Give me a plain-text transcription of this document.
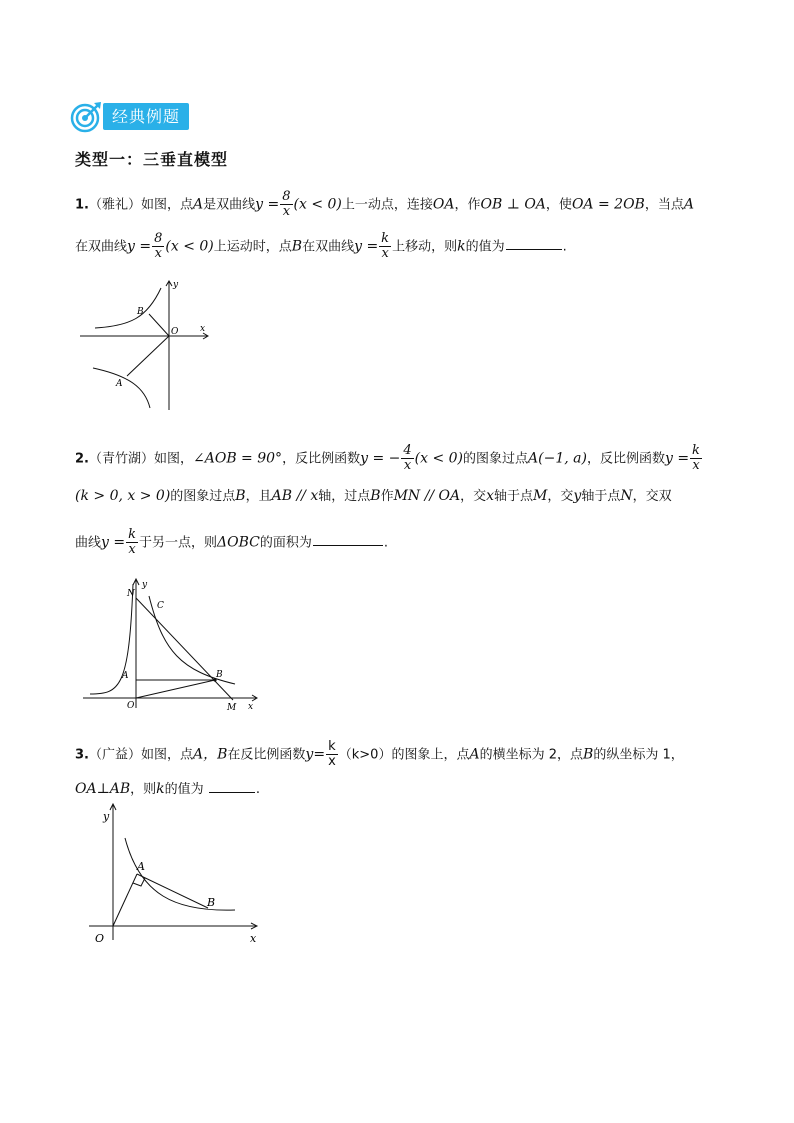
经典例题
类型一：三垂直模型
1.（雅礼）如图，点A是双曲线$y = \frac{8}{x} (x < 0)$上一动点，连接OA，作OB ⊥ OA，使OA = 2OB，当点A
在双曲线$y = \frac{8}{x} (x < 0)$上运动时，点B在双曲线$y = \frac{k}{x}$ 上移动，则k的值为	.
B
O
A
x
y
2.（青竹湖）如图，∠AOB = 90°，反比例函数y = − $\frac{4}{x} (x < 0)$的图象过点A(−1, a)，反比例函数$y = \frac{k}{x}$
(k > 0, x > 0)的图象过点B，且AB // x轴，过点B作MN // OA，交x轴于点M，交y轴于点N，交双
曲线$y = \frac{k}{x}$ 于另一点，则ΔOBC的面积为	.
N
C
A	B
O	M x
y
3.（广益）如图，点A，B在反比例函数$y= \frac{k}{x} (k>0)$的图象上，点A的横坐标为 2，点B的纵坐标为 1，
OA⊥AB，则k的值为	.
y
A
B
O	x
